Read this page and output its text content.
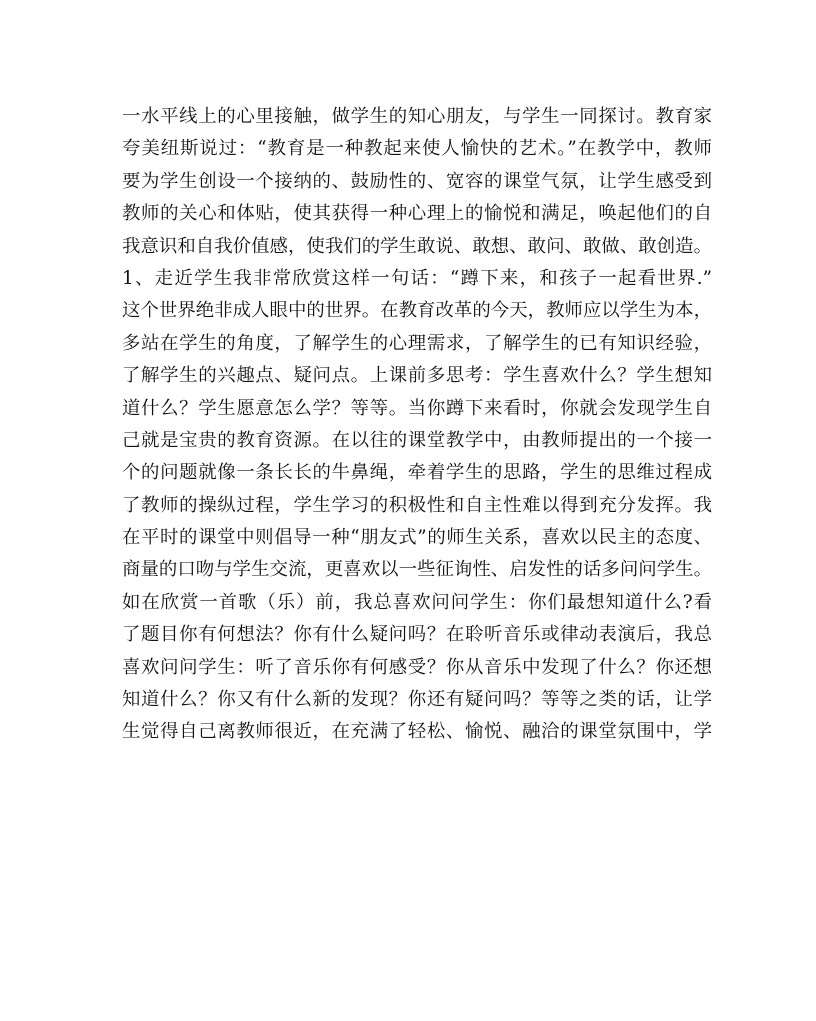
一水平线上的心里接触，做学生的知心朋友，与学生一同探讨。教育家
夸美纽斯说过：“教育是一种教起来使人愉快的艺术。”在教学中，教师
要为学生创设一个接纳的、鼓励性的、宽容的课堂气氛，让学生感受到
教师的关心和体贴，使其获得一种心理上的愉悦和满足，唤起他们的自
我意识和自我价值感，使我们的学生敢说、敢想、敢问、敢做、敢创造。
1、走近学生我非常欣赏这样一句话：“蹲下来，和孩子一起看世界.”
这个世界绝非成人眼中的世界。在教育改革的今天，教师应以学生为本，
多站在学生的角度，了解学生的心理需求，了解学生的已有知识经验，
了解学生的兴趣点、疑问点。上课前多思考：学生喜欢什么？学生想知
道什么？学生愿意怎么学？等等。当你蹲下来看时，你就会发现学生自
己就是宝贵的教育资源。在以往的课堂教学中，由教师提出的一个接一
个的问题就像一条长长的牛鼻绳，牵着学生的思路，学生的思维过程成
了教师的操纵过程，学生学习的积极性和自主性难以得到充分发挥。我
在平时的课堂中则倡导一种“朋友式”的师生关系，喜欢以民主的态度、
商量的口吻与学生交流，更喜欢以一些征询性、启发性的话多问问学生。
如在欣赏一首歌（乐）前，我总喜欢问问学生：你们最想知道什么?看
了题目你有何想法？你有什么疑问吗？在聆听音乐或律动表演后，我总
喜欢问问学生：听了音乐你有何感受？你从音乐中发现了什么？你还想
知道什么？你又有什么新的发现？你还有疑问吗？等等之类的话，让学
生觉得自己离教师很近，在充满了轻松、愉悦、融洽的课堂氛围中，学
